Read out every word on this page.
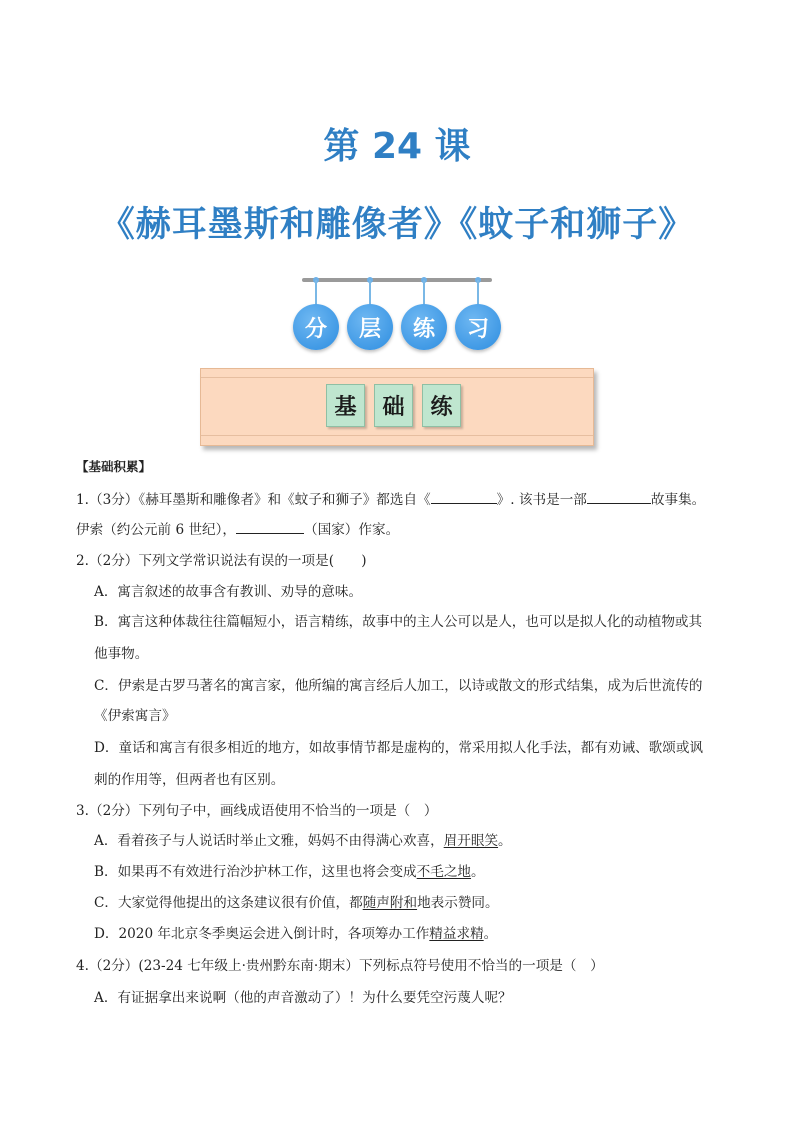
第 24 课
《赫耳墨斯和雕像者》《蚊子和狮子》
分	层	练	习
基	础	练
【基础积累】
1.（3分）《赫耳墨斯和雕像者》和《蚊子和狮子》都选自《	》. 该书是一部	故事集。
伊索（约公元前 6 世纪），	（国家）作家。
2.（2分）下列文学常识说法有误的一项是(　　)
A．寓言叙述的故事含有教训、劝导的意味。
B．寓言这种体裁往往篇幅短小，语言精练，故事中的主人公可以是人，也可以是拟人化的动植物或其
他事物。
C．伊索是古罗马著名的寓言家，他所编的寓言经后人加工，以诗或散文的形式结集，成为后世流传的
《伊索寓言》
D．童话和寓言有很多相近的地方，如故事情节都是虚构的，常采用拟人化手法，都有劝诫、歌颂或讽
刺的作用等，但两者也有区别。
3.（2分）下列句子中，画线成语使用不恰当的一项是（　）
A．看着孩子与人说话时举止文雅，妈妈不由得满心欢喜，眉开眼笑。
B．如果再不有效进行治沙护林工作，这里也将会变成不毛之地。
C．大家觉得他提出的这条建议很有价值，都随声附和地表示赞同。
D．2020 年北京冬季奥运会进入倒计时，各项筹办工作精益求精。
4.（2分）(23-24 七年级上·贵州黔东南·期末）下列标点符号使用不恰当的一项是（　）
A．有证据拿出来说啊（他的声音激动了）！为什么要凭空污蔑人呢？
